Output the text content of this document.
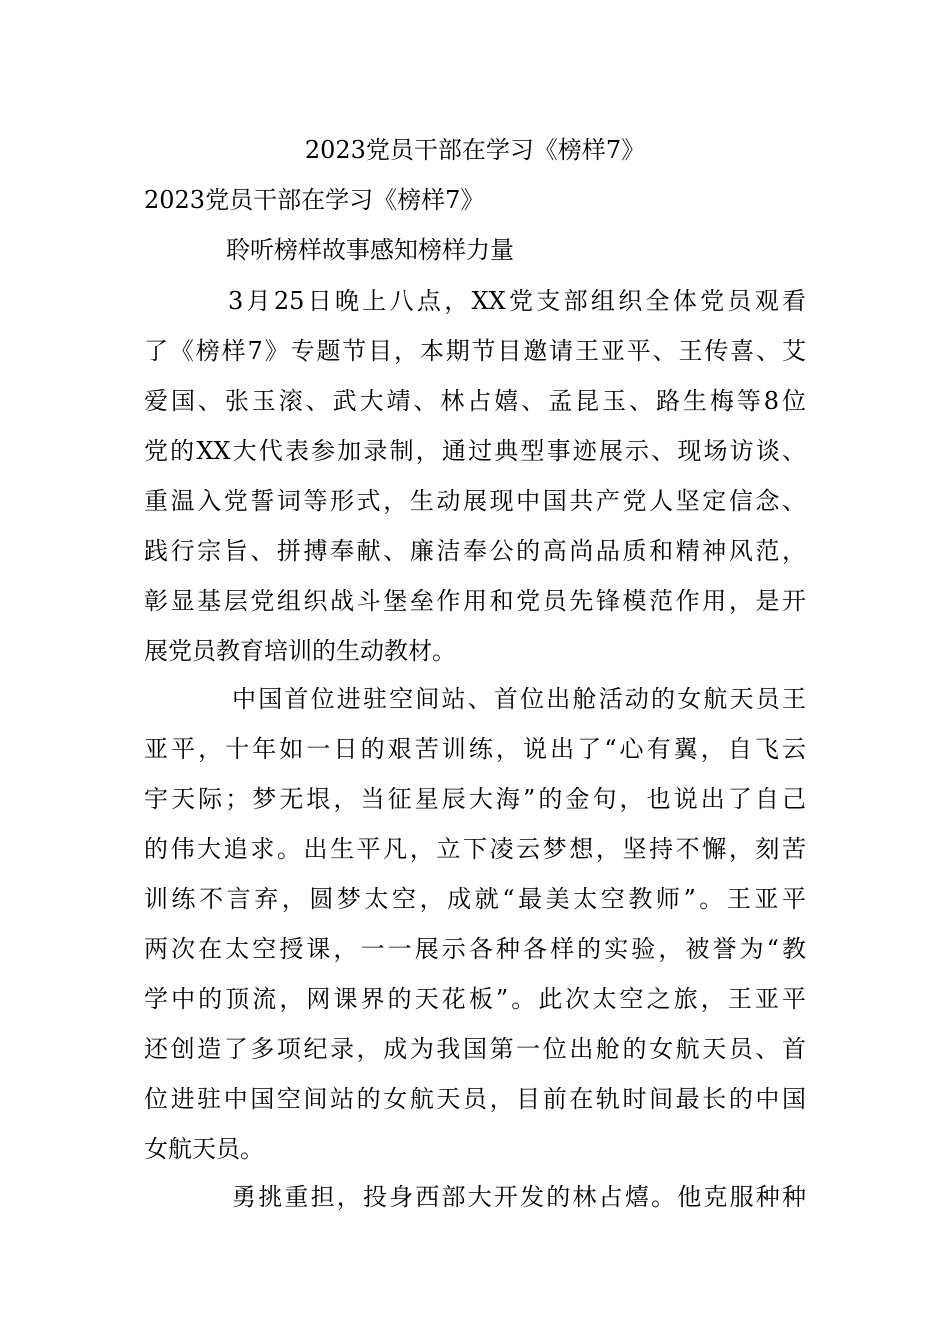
2023党员干部在学习《榜样7》
2023党员干部在学习《榜样7》
聆听榜样故事感知榜样力量
3月25日晚上八点，XX党支部组织全体党员观看
了《榜样7》专题节目，本期节目邀请王亚平、王传喜、艾
爱国、张玉滚、武大靖、林占嬉、孟昆玉、路生梅等8位
党的XX大代表参加录制，通过典型事迹展示、现场访谈、
重温入党誓词等形式，生动展现中国共产党人坚定信念、
践行宗旨、拼搏奉献、廉洁奉公的高尚品质和精神风范，
彰显基层党组织战斗堡垒作用和党员先锋模范作用，是开
展党员教育培训的生动教材。
中国首位进驻空间站、首位出舱活动的女航天员王
亚平，十年如一日的艰苦训练，说出了“心有翼，自飞云
宇天际；梦无垠，当征星辰大海”的金句，也说出了自己
的伟大追求。出生平凡，立下凌云梦想，坚持不懈，刻苦
训练不言弃，圆梦太空，成就“最美太空教师”。王亚平
两次在太空授课，一一展示各种各样的实验，被誉为“教
学中的顶流，网课界的天花板”。此次太空之旅，王亚平
还创造了多项纪录，成为我国第一位出舱的女航天员、首
位进驻中国空间站的女航天员，目前在轨时间最长的中国
女航天员。
勇挑重担，投身西部大开发的林占熺。他克服种种
